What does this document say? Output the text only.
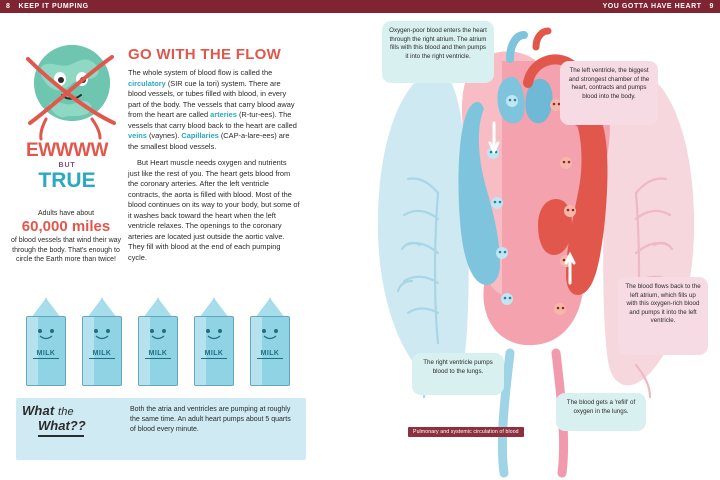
8 KEEP IT PUMPING	YOU GOTTA HAVE HEART 9
GO WITH THE FLOW

The whole system of blood flow is called the circulatory (SIR cue la tori) system. There are blood vessels, or tubes filled with blood, in every part of the body. The vessels that carry blood away from the heart are called arteries (R-tur-ees). The vessels that carry blood back to the heart are called veins (vaynes). Capillaries (CAP-a-lare-ees) are the smallest blood vessels.

But Heart muscle needs oxygen and nutrients just like the rest of you. The heart gets blood from the coronary arteries. After the left ventricle contracts, the aorta is filled with blood. Most of the blood continues on its way to your body, but some of it washes back toward the heart when the left ventricle relaxes. The openings to the coronary arteries are located just outside the aortic valve. They fill with blood at the end of each pumping cycle.

EWWWW
BUT
TRUE
Adults have about
60,000 miles
of blood vessels that wind their way through the body. That's enough to circle the Earth more than twice!
MILK	MILK	MILK	MILK	MILK
What the
What??
Both the atria and ventricles are pumping at roughly the same time. An adult heart pumps about 5 quarts of blood every minute.
Oxygen-poor blood enters the heart through the right atrium. The atrium fills with this blood and then pumps it into the right ventricle.
The left ventricle, the biggest and strongest chamber of the heart, contracts and pumps blood into the body.
The blood flows back to the left atrium, which fills up with this oxygen-rich blood and pumps it into the left ventricle.
The right ventricle pumps blood to the lungs.
The blood gets a 'refill' of oxygen in the lungs.
Pulmonary and systemic circulation of blood
